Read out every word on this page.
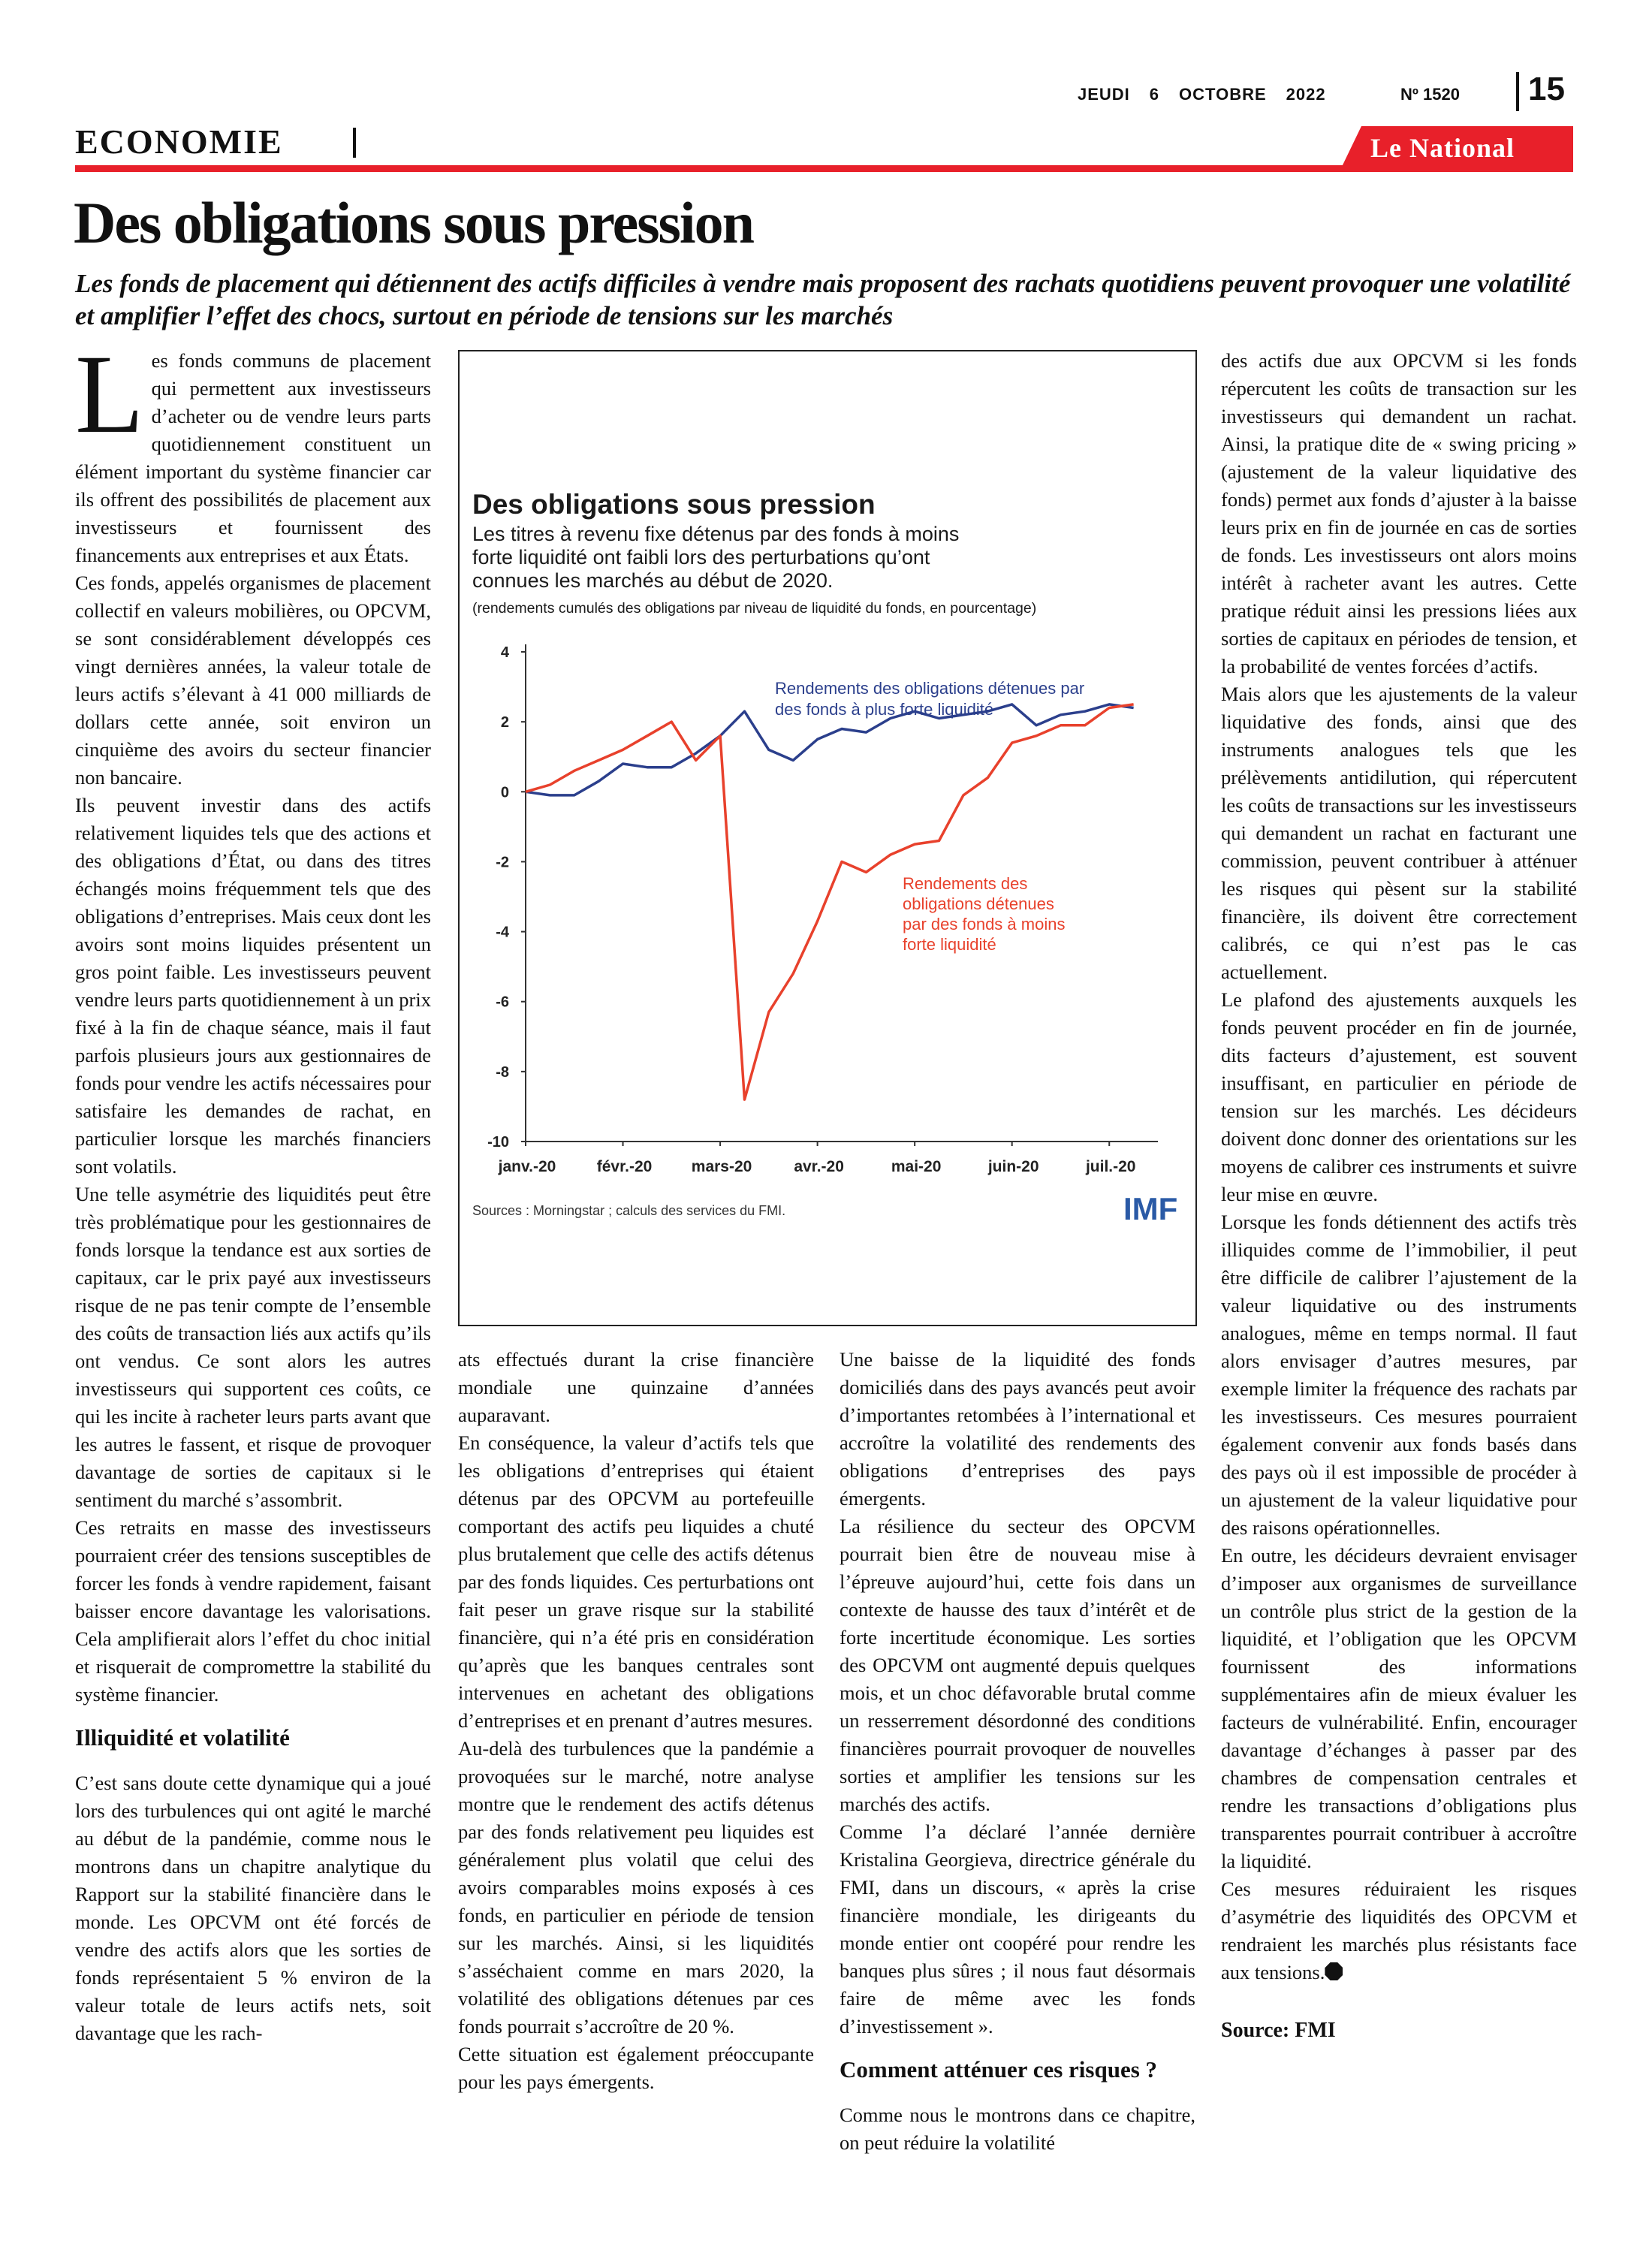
JEUDI 6 OCTOBRE 2022	Nº 1520 15
ECONOMIE	Le National
Des obligations sous pression
Les fonds de placement qui détiennent des actifs difficiles à vendre mais proposent des rachats quotidiens peuvent provoquer une volatilité et amplifier l’effet des chocs, surtout en période de tensions sur les marchés

Les fonds communs de placement qui permettent aux investisseurs d’acheter ou de vendre leurs parts quotidiennement constituent un élément important du système financier car ils offrent des possibilités de placement aux investisseurs et fournissent des financements aux entreprises et aux États.

Ces fonds, appelés organismes de placement collectif en valeurs mobilières, ou OPCVM, se sont considérablement développés ces vingt dernières années, la valeur totale de leurs actifs s’élevant à 41 000 milliards de dollars cette année, soit environ un cinquième des avoirs du secteur financier non bancaire.

Ils peuvent investir dans des actifs relativement liquides tels que des actions et des obligations d’État, ou dans des titres échangés moins fréquemment tels que des obligations d’entreprises. Mais ceux dont les avoirs sont moins liquides présentent un gros point faible. Les investisseurs peuvent vendre leurs parts quotidiennement à un prix fixé à la fin de chaque séance, mais il faut parfois plusieurs jours aux gestionnaires de fonds pour vendre les actifs nécessaires pour satisfaire les demandes de rachat, en particulier lorsque les marchés financiers sont volatils.

Une telle asymétrie des liquidités peut être très problématique pour les gestionnaires de fonds lorsque la tendance est aux sorties de capitaux, car le prix payé aux investisseurs risque de ne pas tenir compte de l’ensemble des coûts de transaction liés aux actifs qu’ils ont vendus. Ce sont alors les autres investisseurs qui supportent ces coûts, ce qui les incite à racheter leurs parts avant que les autres le fassent, et risque de provoquer davantage de sorties de capitaux si le sentiment du marché s’assombrit.

Ces retraits en masse des investisseurs pourraient créer des tensions susceptibles de forcer les fonds à vendre rapidement, faisant baisser encore davantage les valorisations. Cela amplifierait alors l’effet du choc initial et risquerait de compromettre la stabilité du système financier.

Illiquidité et volatilité

C’est sans doute cette dynamique qui a joué lors des turbulences qui ont agité le marché au début de la pandémie, comme nous le montrons dans un chapitre analytique du Rapport sur la stabilité financière dans le monde. Les OPCVM ont été forcés de vendre des actifs alors que les sorties de fonds représentaient 5 % environ de la valeur totale de leurs actifs nets, soit davantage que les rach-

Des obligations sous pression
Les titres à revenu fixe détenus par des fonds à moins forte liquidité ont faibli lors des perturbations qu’ont connues les marchés au début de 2020.
(rendements cumulés des obligations par niveau de liquidité du fonds, en pourcentage)
4
2
0
-2
-4
-6
-8
-10
janv.-20	févr.-20 mars-20	avr.-20	mai-20	juin-20	juil.-20
Rendements des obligations détenues par des fonds à plus forte liquidité
Rendements des obligations détenues par des fonds à moins forte liquidité
Sources : Morningstar ; calculs des services du FMI.	IMF

ats effectués durant la crise financière mondiale une quinzaine d’années auparavant.

En conséquence, la valeur d’actifs tels que les obligations d’entreprises qui étaient détenus par des OPCVM au portefeuille comportant des actifs peu liquides a chuté plus brutalement que celle des actifs détenus par des fonds liquides. Ces perturbations ont fait peser un grave risque sur la stabilité financière, qui n’a été pris en considération qu’après que les banques centrales sont intervenues en achetant des obligations d’entreprises et en prenant d’autres mesures.

Au-delà des turbulences que la pandémie a provoquées sur le marché, notre analyse montre que le rendement des actifs détenus par des fonds relativement peu liquides est généralement plus volatil que celui des avoirs comparables moins exposés à ces fonds, en particulier en période de tension sur les marchés. Ainsi, si les liquidités s’asséchaient comme en mars 2020, la volatilité des obligations détenues par ces fonds pourrait s’accroître de 20 %.

Cette situation est également préoccupante pour les pays émergents.

Une baisse de la liquidité des fonds domiciliés dans des pays avancés peut avoir d’importantes retombées à l’international et accroître la volatilité des rendements des obligations d’entreprises des pays émergents.

La résilience du secteur des OPCVM pourrait bien être de nouveau mise à l’épreuve aujourd’hui, cette fois dans un contexte de hausse des taux d’intérêt et de forte incertitude économique. Les sorties des OPCVM ont augmenté depuis quelques mois, et un choc défavorable brutal comme un resserrement désordonné des conditions financières pourrait provoquer de nouvelles sorties et amplifier les tensions sur les marchés des actifs.

Comme l’a déclaré l’année dernière Kristalina Georgieva, directrice générale du FMI, dans un discours, « après la crise financière mondiale, les dirigeants du monde entier ont coopéré pour rendre les banques plus sûres ; il nous faut désormais faire de même avec les fonds d’investissement ».

Comment atténuer ces risques ?

Comme nous le montrons dans ce chapitre, on peut réduire la volatilité

des actifs due aux OPCVM si les fonds répercutent les coûts de transaction sur les investisseurs qui demandent un rachat. Ainsi, la pratique dite de « swing pricing » (ajustement de la valeur liquidative des fonds) permet aux fonds d’ajuster à la baisse leurs prix en fin de journée en cas de sorties de fonds. Les investisseurs ont alors moins intérêt à racheter avant les autres. Cette pratique réduit ainsi les pressions liées aux sorties de capitaux en périodes de tension, et la probabilité de ventes forcées d’actifs.

Mais alors que les ajustements de la valeur liquidative des fonds, ainsi que des instruments analogues tels que les prélèvements antidilution, qui répercutent les coûts de transactions sur les investisseurs qui demandent un rachat en facturant une commission, peuvent contribuer à atténuer les risques qui pèsent sur la stabilité financière, ils doivent être correctement calibrés, ce qui n’est pas le cas actuellement.

Le plafond des ajustements auxquels les fonds peuvent procéder en fin de journée, dits facteurs d’ajustement, est souvent insuffisant, en particulier en période de tension sur les marchés. Les décideurs doivent donc donner des orientations sur les moyens de calibrer ces instruments et suivre leur mise en œuvre.

Lorsque les fonds détiennent des actifs très illiquides comme de l’immobilier, il peut être difficile de calibrer l’ajustement de la valeur liquidative ou des instruments analogues, même en temps normal. Il faut alors envisager d’autres mesures, par exemple limiter la fréquence des rachats par les investisseurs. Ces mesures pourraient également convenir aux fonds basés dans des pays où il est impossible de procéder à un ajustement de la valeur liquidative pour des raisons opérationnelles.

En outre, les décideurs devraient envisager d’imposer aux organismes de surveillance un contrôle plus strict de la gestion de la liquidité, et l’obligation que les OPCVM fournissent des informations supplémentaires afin de mieux évaluer les facteurs de vulnérabilité. Enfin, encourager davantage d’échanges à passer par des chambres de compensation centrales et rendre les transactions d’obligations plus transparentes pourrait contribuer à accroître la liquidité.

Ces mesures réduiraient les risques d’asymétrie des liquidités des OPCVM et rendraient les marchés plus résistants face aux tensions.

Source: FMI
